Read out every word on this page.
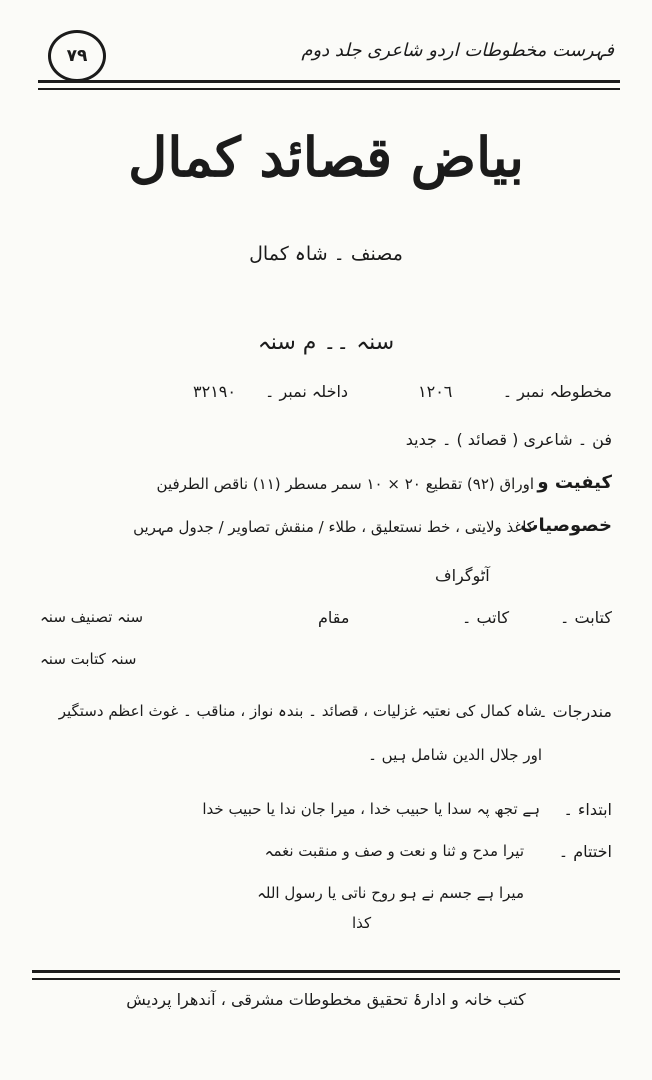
٧٩	فہرست مخطوطات اردو شاعری جلد دوم
بیاض قصائد کمال
مصنف ۔ شاہ کمال
سنہ ۔۔ م سنہ
مخطوطہ نمبر ۔
١٢٠٦
داخلہ نمبر ۔
٣٢١٩٠
فن ۔ شاعری ( قصائد ) ۔ جدید
کیفیت و
اوراق (٩٢) تقطیع ٢٠ × ١٠ سمر مسطر (١١) ناقص الطرفین
خصوصیات
کاغذ ولایتی ، خط نستعلیق ، طلاء / منقش تصاویر / جدول مہریں
آٹوگراف
کتابت ۔
کاتب ۔
مقام
سنہ تصنیف سنہ
سنہ کتابت سنہ
مندرجات ۔
شاہ کمال کی نعتیہ غزلیات ، قصائد ۔ بندہ نواز ، مناقب ۔ غوث اعظم دستگیر
اور جلال الدین شامل ہیں ۔
ابتداء ۔
ہے تجھ پہ سدا یا حبیب خدا ، میرا جان ندا یا حبیب خدا
اختتام ۔
تیرا مدح و ثنا و نعت و صف و منقبت نغمہ
میرا ہے جسم نے ہو روح ناتی یا رسول اللہ
کذا
کتب خانہ و ادارۂ تحقیق مخطوطات مشرقی ، آندھرا پردیش
